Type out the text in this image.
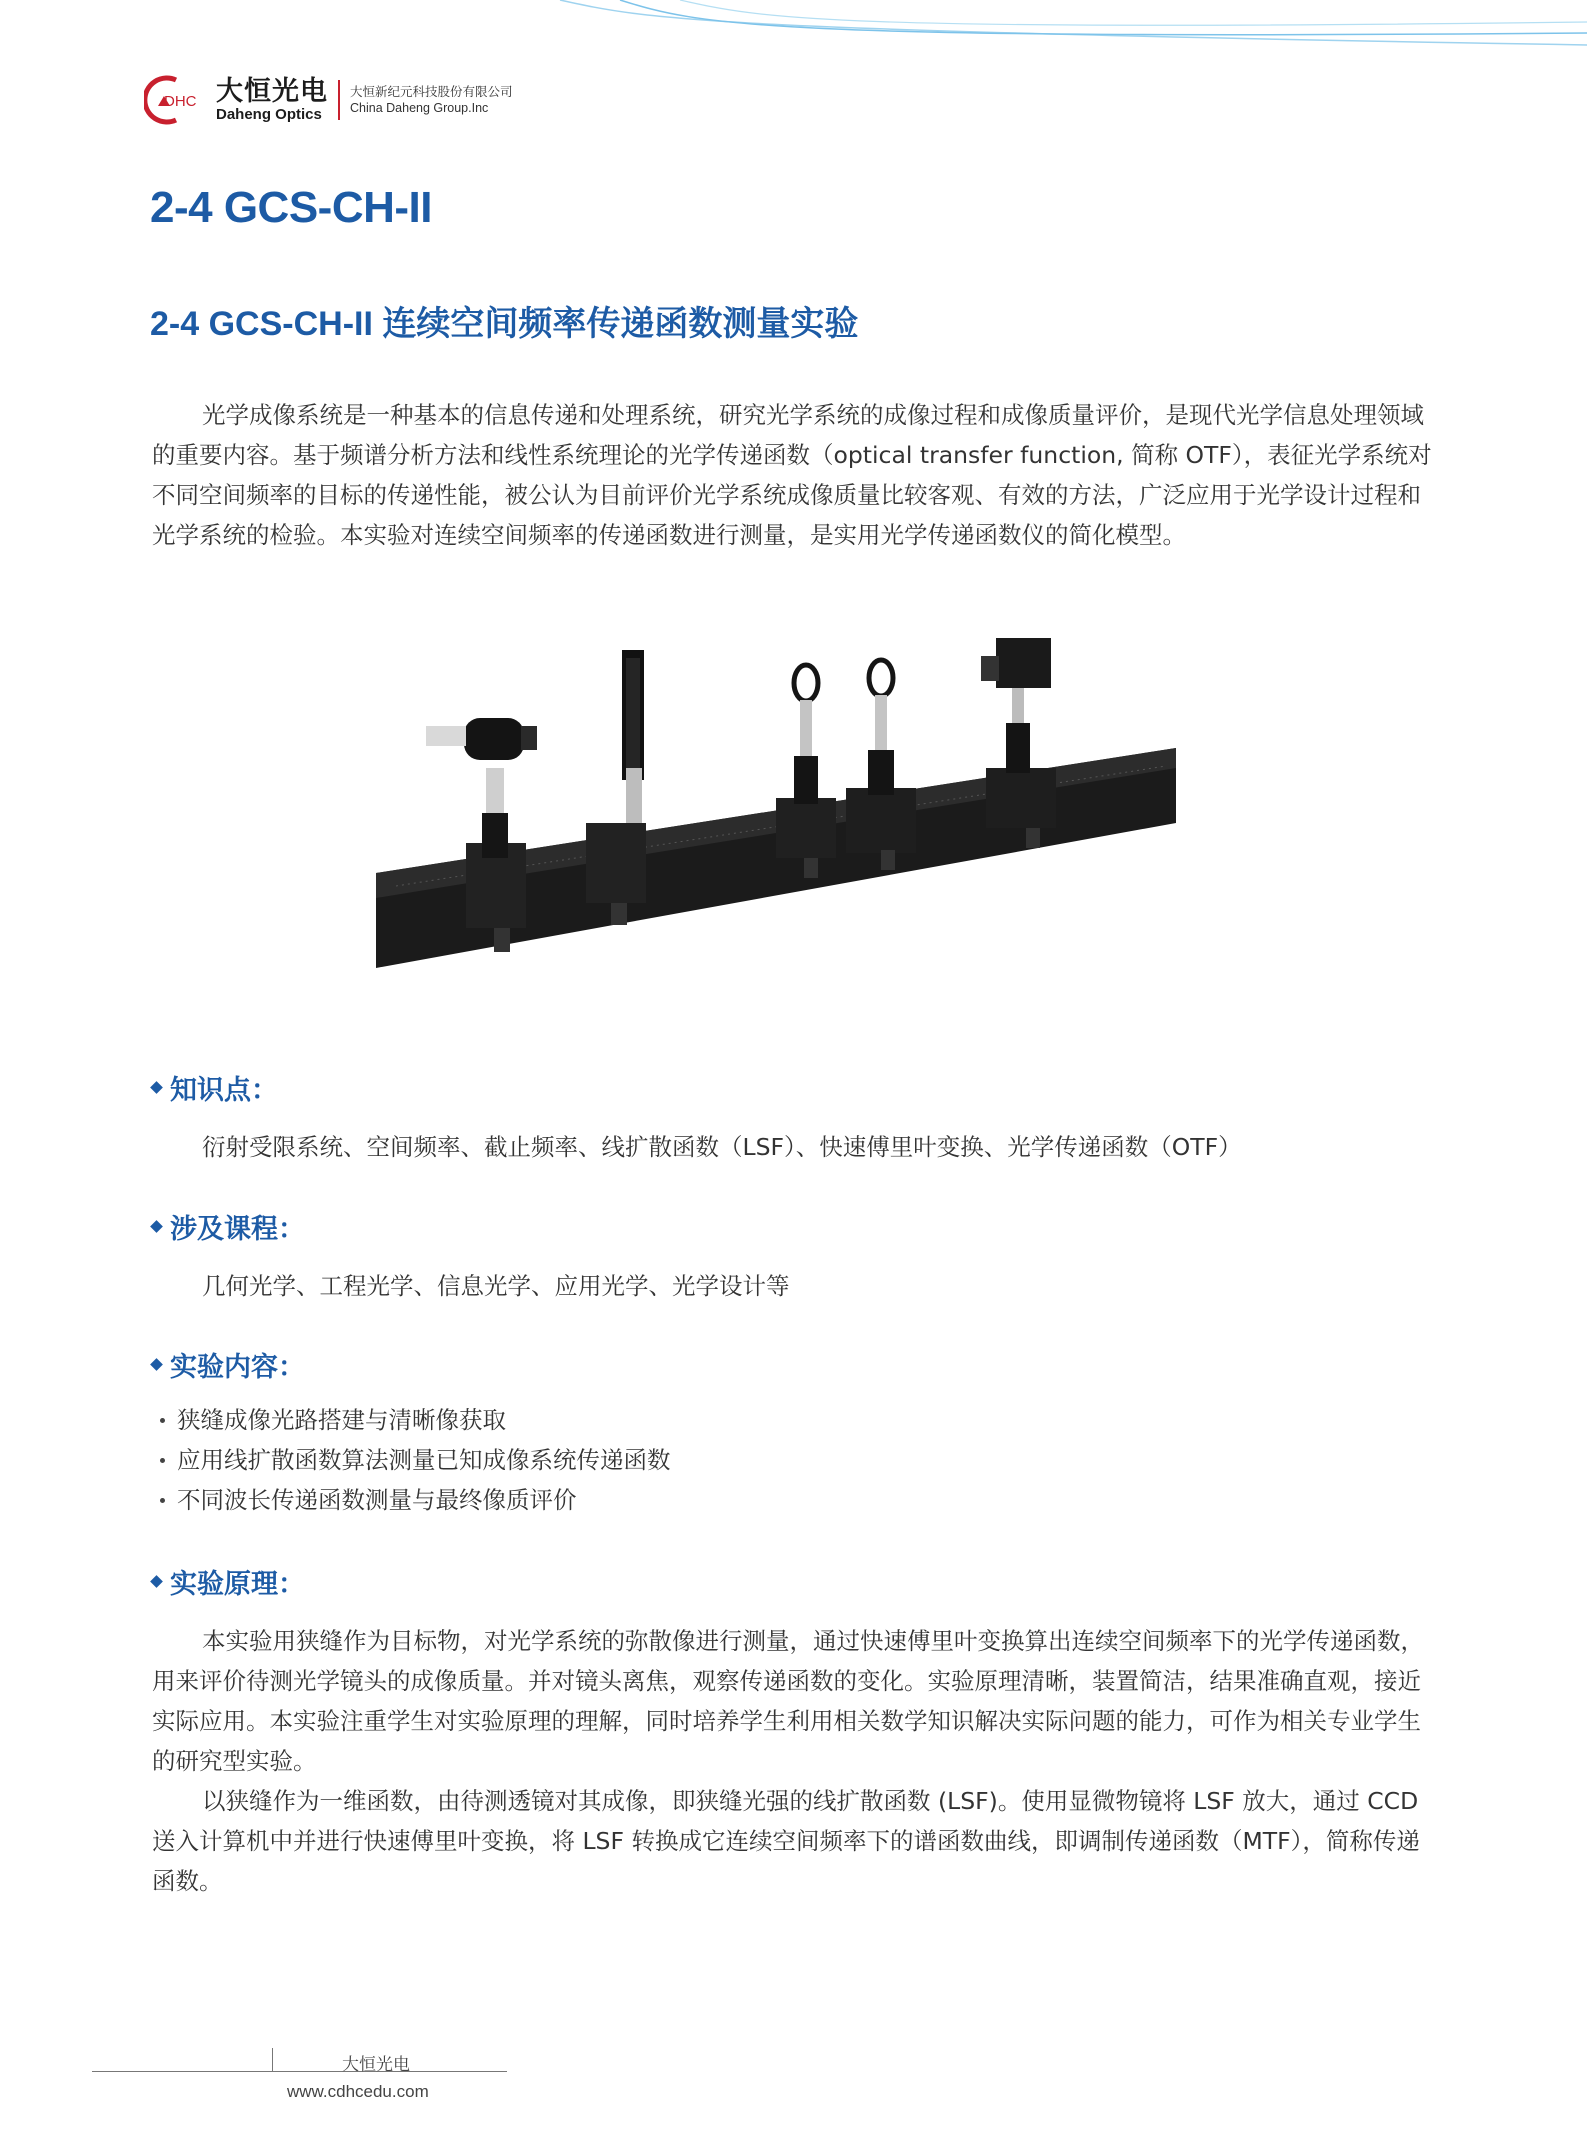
DHC 大恒光电
Daheng Optics
大恒新纪元科技股份有限公司
China Daheng Group.Inc
2-4 GCS-CH-II
2-4 GCS-CH-II 连续空间频率传递函数测量实验

光学成像系统是一种基本的信息传递和处理系统，研究光学系统的成像过程和成像质量评价，是现代光学信息处理领域的重要内容。基于频谱分析方法和线性系统理论的光学传递函数（optical transfer function, 简称 OTF），表征光学系统对不同空间频率的目标的传递性能，被公认为目前评价光学系统成像质量比较客观、有效的方法，广泛应用于光学设计过程和光学系统的检验。本实验对连续空间频率的传递函数进行测量，是实用光学传递函数仪的简化模型。

知识点：

衍射受限系统、空间频率、截止频率、线扩散函数（LSF）、快速傅里叶变换、光学传递函数（OTF）

涉及课程：

几何光学、工程光学、信息光学、应用光学、光学设计等

实验内容：
狭缝成像光路搭建与清晰像获取
应用线扩散函数算法测量已知成像系统传递函数
不同波长传递函数测量与最终像质评价
实验原理：

本实验用狭缝作为目标物，对光学系统的弥散像进行测量，通过快速傅里叶变换算出连续空间频率下的光学传递函数，用来评价待测光学镜头的成像质量。并对镜头离焦，观察传递函数的变化。实验原理清晰，装置简洁，结果准确直观，接近实际应用。本实验注重学生对实验原理的理解，同时培养学生利用相关数学知识解决实际问题的能力，可作为相关专业学生的研究型实验。

以狭缝作为一维函数，由待测透镜对其成像，即狭缝光强的线扩散函数 (LSF)。使用显微物镜将 LSF 放大，通过 CCD 送入计算机中并进行快速傅里叶变换，将 LSF 转换成它连续空间频率下的谱函数曲线，即调制传递函数（MTF），简称传递函数。

大恒光电
www.cdhcedu.com
